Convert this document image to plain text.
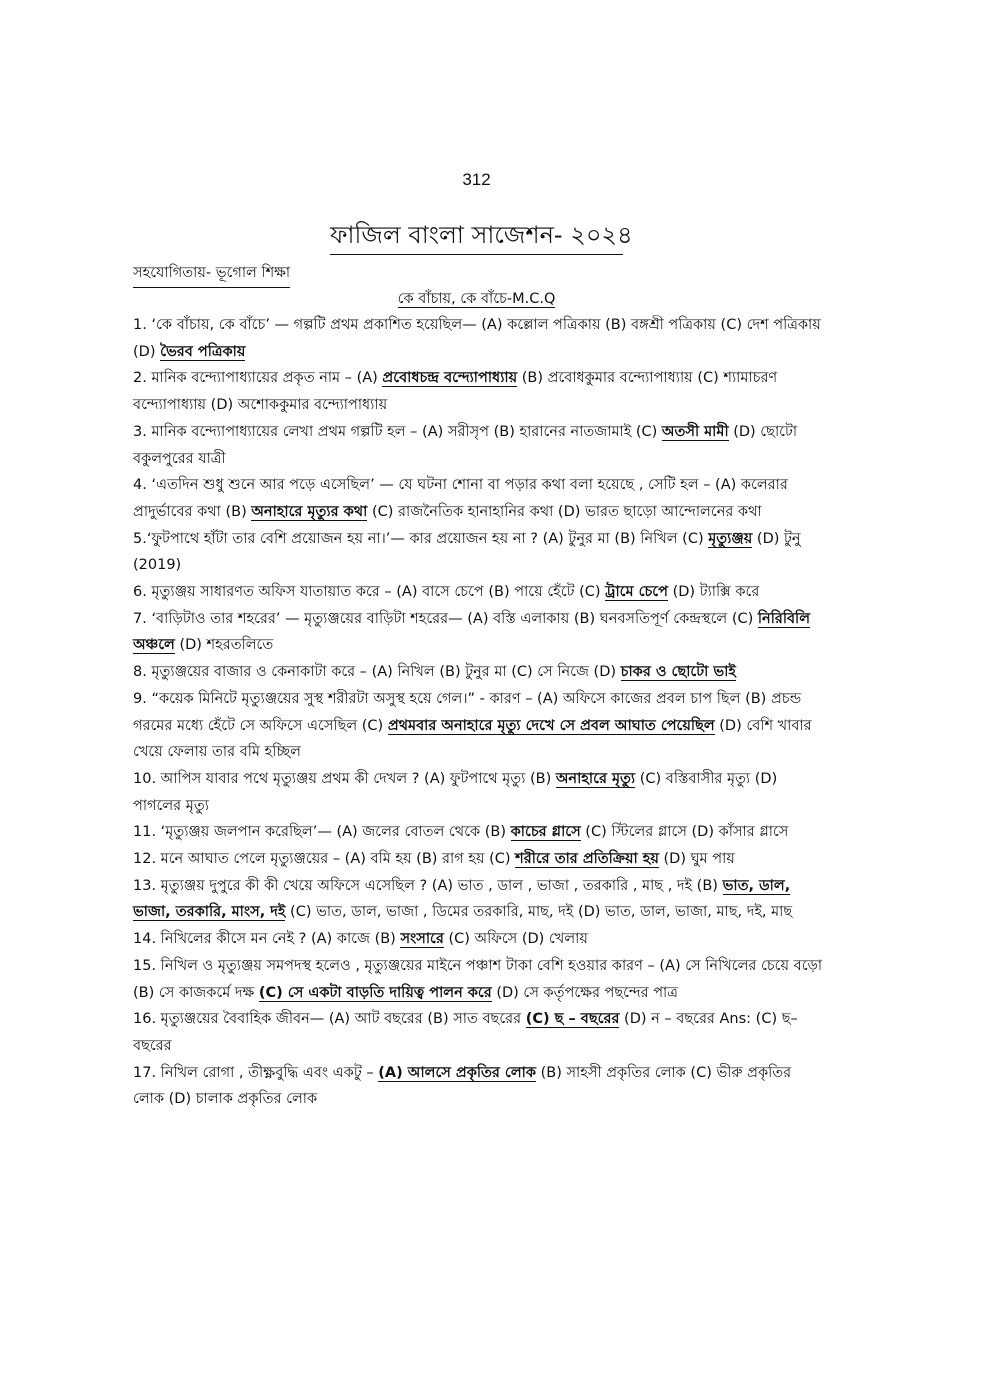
312
ফাজিল বাংলা সাজেশন- ২০২৪
সহযোগিতায়- ভূগোল শিক্ষা
কে বাঁচায়, কে বাঁচে-M.C.Q

1. ‘কে বাঁচায়, কে বাঁচে’ — গল্পটি প্রথম প্রকাশিত হয়েছিল— (A) কল্লোল পত্রিকায় (B) বঙ্গশ্রী পত্রিকায় (C) দেশ পত্রিকায় (D) ভৈরব পত্রিকায়

2. মানিক বন্দ্যোপাধ্যায়ের প্রকৃত নাম – (A) প্রবোধচন্দ্র বন্দ্যোপাধ্যায় (B) প্রবোধকুমার বন্দ্যোপাধ্যায় (C) শ্যামাচরণ বন্দ্যোপাধ্যায় (D) অশোককুমার বন্দ্যোপাধ্যায়

3. মানিক বন্দ্যোপাধ্যায়ের লেখা প্রথম গল্পটি হল – (A) সরীসৃপ (B) হারানের নাতজামাই (C) অতসী মামী (D) ছোটো বকুলপুরের যাত্রী

4. ‘এতদিন শুধু শুনে আর পড়ে এসেছিল’ — যে ঘটনা শোনা বা পড়ার কথা বলা হয়েছে , সেটি হল – (A) কলেরার প্রাদুর্ভাবের কথা (B) অনাহারে মৃত্যুর কথা (C) রাজনৈতিক হানাহানির কথা (D) ভারত ছাড়ো আন্দোলনের কথা

5.‘ফুটপাথে হাঁটা তার বেশি প্রয়োজন হয় না।’— কার প্রয়োজন হয় না ? (A) টুনুর মা (B) নিখিল (C) মৃত্যুঞ্জয় (D) টুনু (2019)

6. মৃত্যুঞ্জয় সাধারণত অফিস যাতায়াত করে – (A) বাসে চেপে (B) পায়ে হেঁটে (C) ট্রামে চেপে (D) ট্যাক্সি করে

7. ‘বাড়িটাও তার শহরের’ — মৃত্যুঞ্জয়ের বাড়িটা শহরের— (A) বস্তি এলাকায় (B) ঘনবসতিপূর্ণ কেন্দ্রস্থলে (C) নিরিবিলি অঞ্চলে (D) শহরতলিতে

8. মৃত্যুঞ্জয়ের বাজার ও কেনাকাটা করে – (A) নিখিল (B) টুনুর মা (C) সে নিজে (D) চাকর ও ছোটো ভাই

9. “কয়েক মিনিটে মৃত্যুঞ্জয়ের সুস্থ শরীরটা অসুস্থ হয়ে গেল।” - কারণ – (A) অফিসে কাজের প্রবল চাপ ছিল (B) প্রচন্ড গরমের মধ্যে হেঁটে সে অফিসে এসেছিল (C) প্রথমবার অনাহারে মৃত্যু দেখে সে প্রবল আঘাত পেয়েছিল (D) বেশি খাবার খেয়ে ফেলায় তার বমি হচ্ছিল

10. আপিস যাবার পথে মৃত্যুঞ্জয় প্রথম কী দেখল ? (A) ফুটপাথে মৃত্যু (B) অনাহারে মৃত্যু (C) বস্তিবাসীর মৃত্যু (D) পাগলের মৃত্যু

11. ‘মৃত্যুঞ্জয় জলপান করেছিল’— (A) জলের বোতল থেকে (B) কাচের গ্লাসে (C) স্টিলের গ্লাসে (D) কাঁসার গ্লাসে

12. মনে আঘাত পেলে মৃত্যুঞ্জয়ের – (A) বমি হয় (B) রাগ হয় (C) শরীরে তার প্রতিক্রিয়া হয় (D) ঘুম পায়

13. মৃত্যুঞ্জয় দুপুরে কী কী খেয়ে অফিসে এসেছিল ? (A) ভাত , ডাল , ভাজা , তরকারি , মাছ , দই (B) ভাত, ডাল, ভাজা, তরকারি, মাংস, দই (C) ভাত, ডাল, ভাজা , ডিমের তরকারি, মাছ, দই (D) ভাত, ডাল, ভাজা, মাছ, দই, মাছ

14. নিখিলের কীসে মন নেই ? (A) কাজে (B) সংসারে (C) অফিসে (D) খেলায়

15. নিখিল ও মৃত্যুঞ্জয় সমপদস্থ হলেও , মৃত্যুঞ্জয়ের মাইনে পঞ্চাশ টাকা বেশি হওয়ার কারণ – (A) সে নিখিলের চেয়ে বড়ো (B) সে কাজকর্মে দক্ষ (C) সে একটা বাড়তি দায়িত্ব পালন করে (D) সে কর্তৃপক্ষের পছন্দের পাত্র

16. মৃত্যুঞ্জয়ের বৈবাহিক জীবন— (A) আট বছরের (B) সাত বছরের (C) ছ – বছরের (D) ন – বছরের Ans: (C) ছ–বছরের

17. নিখিল রোগা , তীক্ষ্ণবুদ্ধি এবং একটু – (A) আলসে প্রকৃতির লোক (B) সাহসী প্রকৃতির লোক (C) ভীরু প্রকৃতির লোক (D) চালাক প্রকৃতির লোক
